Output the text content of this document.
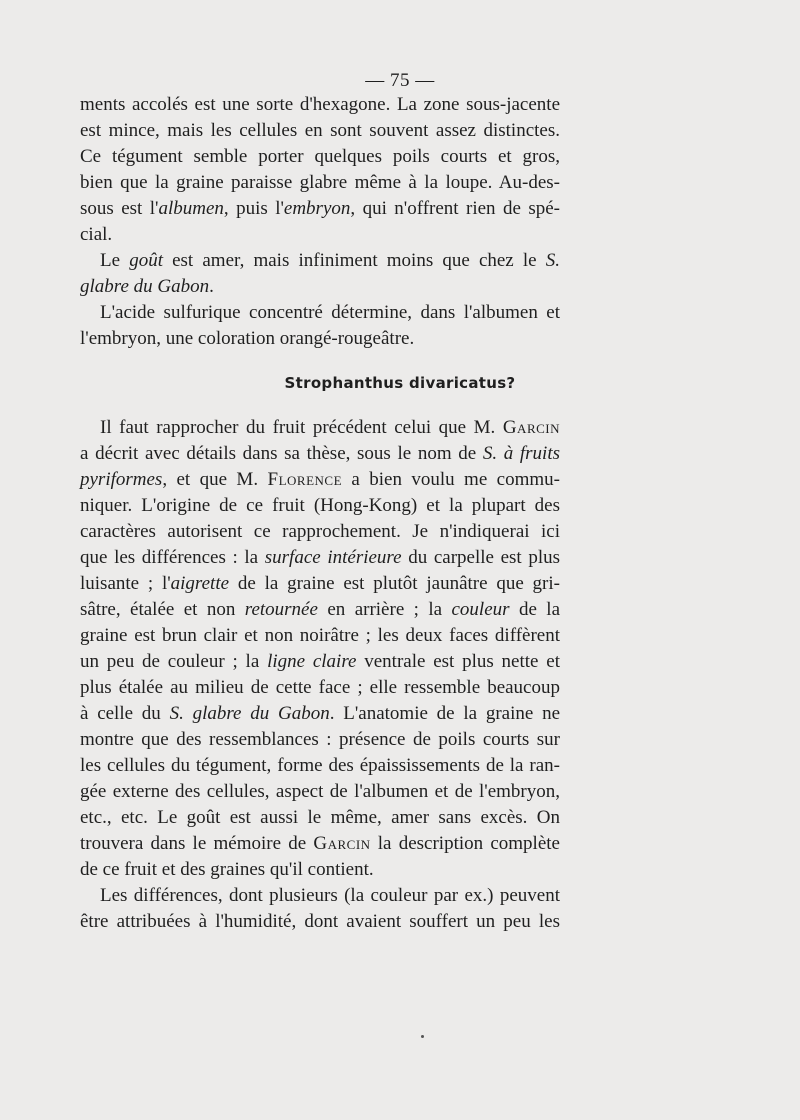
— 75 —
ments accolés est une sorte d'hexagone. La zone sous-jacente
est mince, mais les cellules en sont souvent assez distinctes.
Ce tégument semble porter quelques poils courts et gros,
bien que la graine paraisse glabre même à la loupe. Au-des-
sous est l'albumen, puis l'embryon, qui n'offrent rien de spé-
cial.
Le goût est amer, mais infiniment moins que chez le S.
glabre du Gabon.
L'acide sulfurique concentré détermine, dans l'albumen et
l'embryon, une coloration orangé-rougeâtre.
Strophanthus divaricatus?
Il faut rapprocher du fruit précédent celui que M. Garcin
a décrit avec détails dans sa thèse, sous le nom de S. à fruits
pyriformes, et que M. Florence a bien voulu me commu-
niquer. L'origine de ce fruit (Hong-Kong) et la plupart des
caractères autorisent ce rapprochement. Je n'indiquerai ici
que les différences : la surface intérieure du carpelle est plus
luisante ; l'aigrette de la graine est plutôt jaunâtre que gri-
sâtre, étalée et non retournée en arrière ; la couleur de la
graine est brun clair et non noirâtre ; les deux faces diffèrent
un peu de couleur ; la ligne claire ventrale est plus nette et
plus étalée au milieu de cette face ; elle ressemble beaucoup
à celle du S. glabre du Gabon. L'anatomie de la graine ne
montre que des ressemblances : présence de poils courts sur
les cellules du tégument, forme des épaississements de la ran-
gée externe des cellules, aspect de l'albumen et de l'embryon,
etc., etc. Le goût est aussi le même, amer sans excès. On
trouvera dans le mémoire de Garcin la description complète
de ce fruit et des graines qu'il contient.
Les différences, dont plusieurs (la couleur par ex.) peuvent
être attribuées à l'humidité, dont avaient souffert un peu les
